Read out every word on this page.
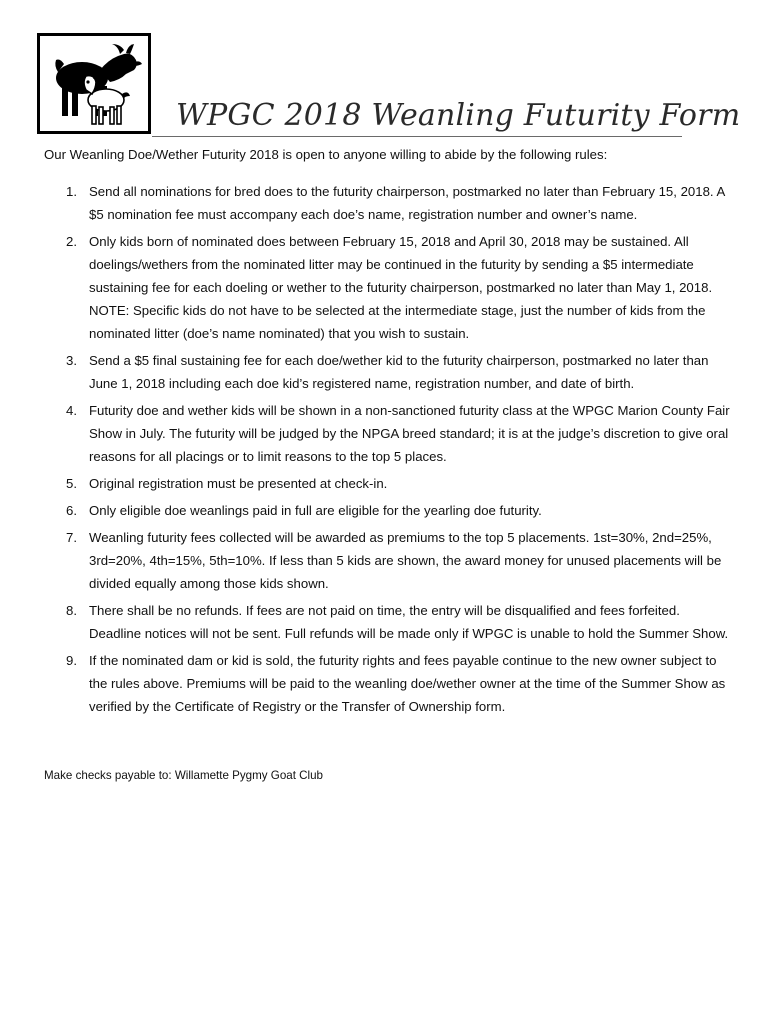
WPGC 2018 Weanling Futurity Form
Our Weanling Doe/Wether Futurity 2018 is open to anyone willing to abide by the following rules:
1. Send all nominations for bred does to the futurity chairperson, postmarked no later than February 15, 2018. A $5 nomination fee must accompany each doe’s name, registration number and owner’s name.
2. Only kids born of nominated does between February 15, 2018 and April 30, 2018 may be sustained. All doelings/wethers from the nominated litter may be continued in the futurity by sending a $5 intermediate sustaining fee for each doeling or wether to the futurity chairperson, postmarked no later than May 1, 2018. NOTE: Specific kids do not have to be selected at the intermediate stage, just the number of kids from the nominated litter (doe’s name nominated) that you wish to sustain.
3. Send a $5 final sustaining fee for each doe/wether kid to the futurity chairperson, postmarked no later than June 1, 2018 including each doe kid’s registered name, registration number, and date of birth.
4. Futurity doe and wether kids will be shown in a non-sanctioned futurity class at the WPGC Marion County Fair Show in July. The futurity will be judged by the NPGA breed standard; it is at the judge’s discretion to give oral reasons for all placings or to limit reasons to the top 5 places.
5. Original registration must be presented at check-in.
6. Only eligible doe weanlings paid in full are eligible for the yearling doe futurity.
7. Weanling futurity fees collected will be awarded as premiums to the top 5 placements. 1st=30%, 2nd=25%, 3rd=20%, 4th=15%, 5th=10%. If less than 5 kids are shown, the award money for unused placements will be divided equally among those kids shown.
8. There shall be no refunds. If fees are not paid on time, the entry will be disqualified and fees forfeited. Deadline notices will not be sent. Full refunds will be made only if WPGC is unable to hold the Summer Show.
9. If the nominated dam or kid is sold, the futurity rights and fees payable continue to the new owner subject to the rules above. Premiums will be paid to the weanling doe/wether owner at the time of the Summer Show as verified by the Certificate of Registry or the Transfer of Ownership form.
Make checks payable to: Willamette Pygmy Goat Club
